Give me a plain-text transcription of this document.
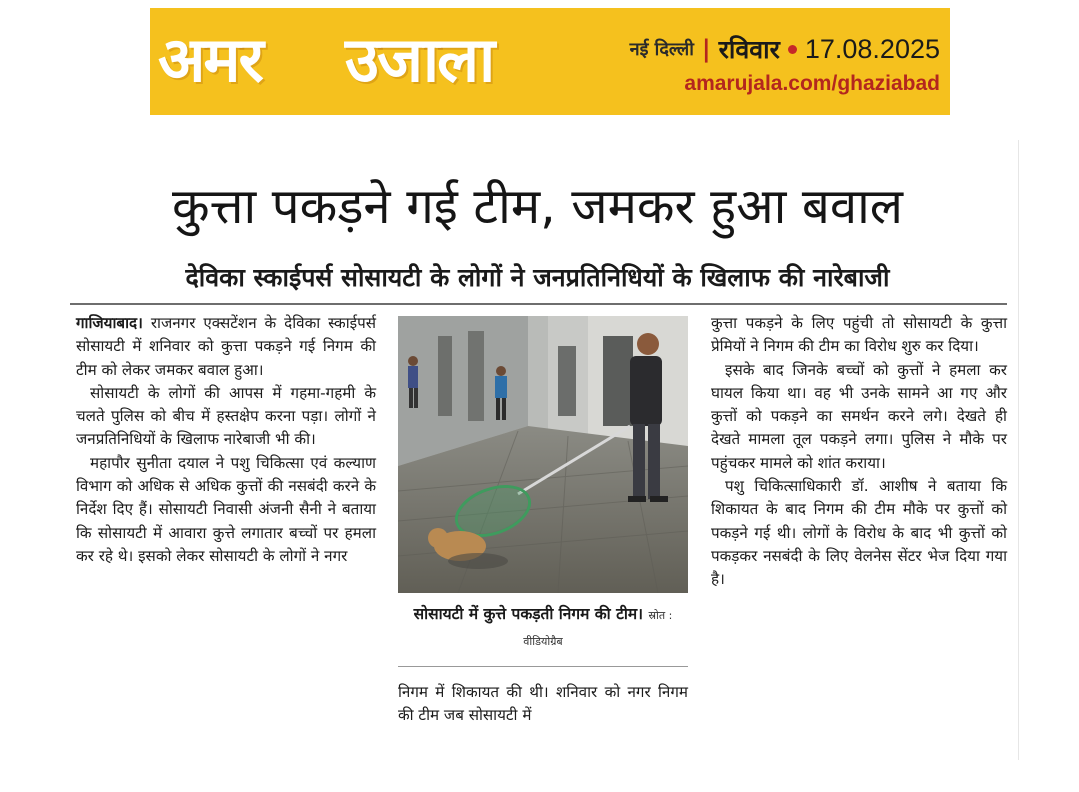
अमर उजाला	नई दिल्ली | रविवार 17.08.2025
amarujala.com/ghaziabad
कुत्ता पकड़ने गई टीम, जमकर हुआ बवाल
देविका स्काईपर्स सोसायटी के लोगों ने जनप्रतिनिधियों के खिलाफ की नारेबाजी

गाजियाबाद। राजनगर एक्सटेंशन के देविका स्काईपर्स सोसायटी में शनिवार को कुत्ता पकड़ने गई निगम की टीम को लेकर जमकर बवाल हुआ।

सोसायटी के लोगों की आपस में गहमा-गहमी के चलते पुलिस को बीच में हस्तक्षेप करना पड़ा। लोगों ने जनप्रतिनिधियों के खिलाफ नारेबाजी भी की।

महापौर सुनीता दयाल ने पशु चिकित्सा एवं कल्याण विभाग को अधिक से अधिक कुत्तों की नसबंदी करने के निर्देश दिए हैं। सोसायटी निवासी अंजनी सैनी ने बताया कि सोसायटी में आवारा कुत्ते लगातार बच्चों पर हमला कर रहे थे। इसको लेकर सोसायटी के लोगों ने नगर

सोसायटी में कुत्ते पकड़ती निगम की टीम। स्रोत : वीडियोग्रैब

निगम में शिकायत की थी। शनिवार को नगर निगम की टीम जब सोसायटी में

कुत्ता पकड़ने के लिए पहुंची तो सोसायटी के कुत्ता प्रेमियों ने निगम की टीम का विरोध शुरु कर दिया।

इसके बाद जिनके बच्चों को कुत्तों ने हमला कर घायल किया था। वह भी उनके सामने आ गए और कुत्तों को पकड़ने का समर्थन करने लगे। देखते ही देखते मामला तूल पकड़ने लगा। पुलिस ने मौके पर पहुंचकर मामले को शांत कराया।

पशु चिकित्साधिकारी डॉ. आशीष ने बताया कि शिकायत के बाद निगम की टीम मौके पर कुत्तों को पकड़ने गई थी। लोगों के विरोध के बाद भी कुत्तों को पकड़कर नसबंदी के लिए वेलनेस सेंटर भेज दिया गया है।
